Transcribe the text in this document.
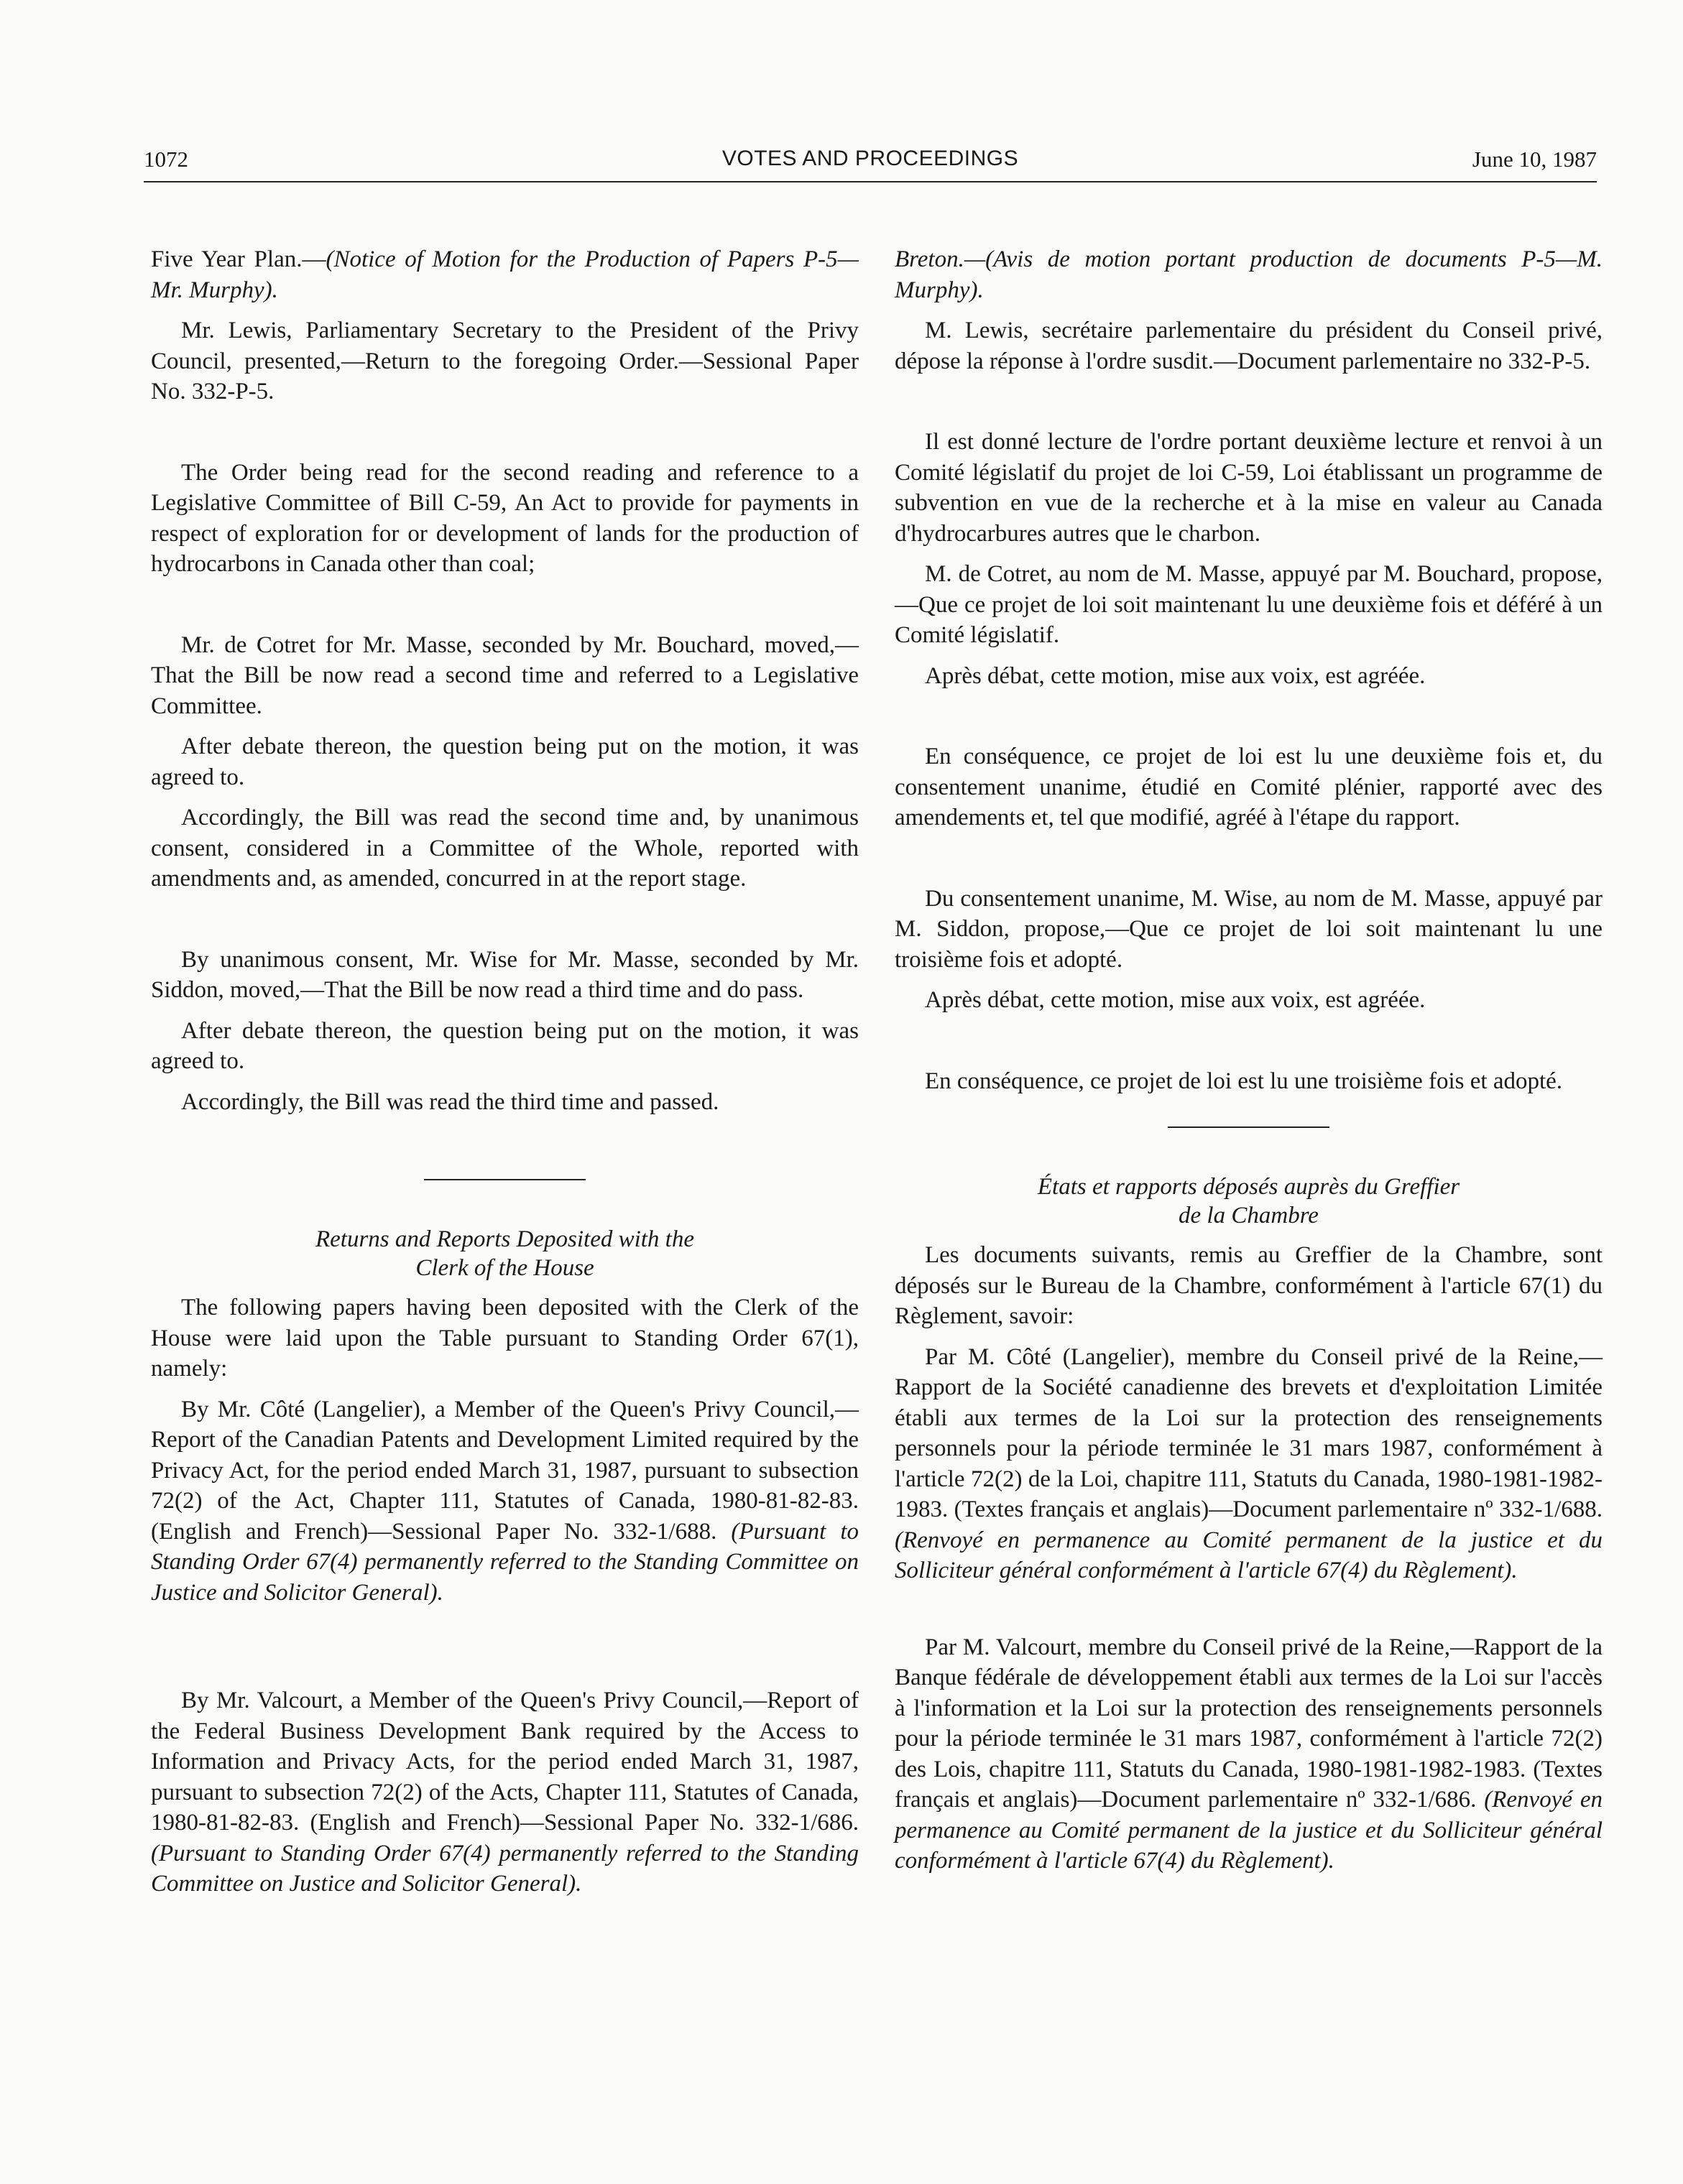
1072	VOTES AND PROCEEDINGS	June 10, 1987

Five Year Plan.—(Notice of Motion for the Production of Papers P-5—Mr. Murphy).

Mr. Lewis, Parliamentary Secretary to the President of the Privy Council, presented,—Return to the foregoing Order.—Sessional Paper No. 332-P-5.

The Order being read for the second reading and reference to a Legislative Committee of Bill C-59, An Act to provide for payments in respect of exploration for or development of lands for the production of hydrocarbons in Canada other than coal;

Mr. de Cotret for Mr. Masse, seconded by Mr. Bouchard, moved,—That the Bill be now read a second time and referred to a Legislative Committee.

After debate thereon, the question being put on the motion, it was agreed to.

Accordingly, the Bill was read the second time and, by unanimous consent, considered in a Committee of the Whole, reported with amendments and, as amended, concurred in at the report stage.

By unanimous consent, Mr. Wise for Mr. Masse, seconded by Mr. Siddon, moved,—That the Bill be now read a third time and do pass.

After debate thereon, the question being put on the motion, it was agreed to.

Accordingly, the Bill was read the third time and passed.

Returns and Reports Deposited with the
Clerk of the House

The following papers having been deposited with the Clerk of the House were laid upon the Table pursuant to Standing Order 67(1), namely:

By Mr. Côté (Langelier), a Member of the Queen's Privy Council,—Report of the Canadian Patents and Development Limited required by the Privacy Act, for the period ended March 31, 1987, pursuant to subsection 72(2) of the Act, Chapter 111, Statutes of Canada, 1980-81-82-83. (English and French)—Sessional Paper No. 332-1/688. (Pursuant to Standing Order 67(4) permanently referred to the Standing Committee on Justice and Solicitor General).

By Mr. Valcourt, a Member of the Queen's Privy Council,—Report of the Federal Business Development Bank required by the Access to Information and Privacy Acts, for the period ended March 31, 1987, pursuant to subsection 72(2) of the Acts, Chapter 111, Statutes of Canada, 1980-81-82-83. (English and French)—Sessional Paper No. 332-1/686. (Pursuant to Standing Order 67(4) permanently referred to the Standing Committee on Justice and Solicitor General).

Breton.—(Avis de motion portant production de documents P-5—M. Murphy).

M. Lewis, secrétaire parlementaire du président du Conseil privé, dépose la réponse à l'ordre susdit.—Document parlementaire no 332-P-5.

Il est donné lecture de l'ordre portant deuxième lecture et renvoi à un Comité législatif du projet de loi C-59, Loi établissant un programme de subvention en vue de la recherche et à la mise en valeur au Canada d'hydrocarbures autres que le charbon.

M. de Cotret, au nom de M. Masse, appuyé par M. Bouchard, propose,—Que ce projet de loi soit maintenant lu une deuxième fois et déféré à un Comité législatif.

Après débat, cette motion, mise aux voix, est agréée.

En conséquence, ce projet de loi est lu une deuxième fois et, du consentement unanime, étudié en Comité plénier, rapporté avec des amendements et, tel que modifié, agréé à l'étape du rapport.

Du consentement unanime, M. Wise, au nom de M. Masse, appuyé par M. Siddon, propose,—Que ce projet de loi soit maintenant lu une troisième fois et adopté.

Après débat, cette motion, mise aux voix, est agréée.

En conséquence, ce projet de loi est lu une troisième fois et adopté.

États et rapports déposés auprès du Greffier
de la Chambre

Les documents suivants, remis au Greffier de la Chambre, sont déposés sur le Bureau de la Chambre, conformément à l'article 67(1) du Règlement, savoir:

Par M. Côté (Langelier), membre du Conseil privé de la Reine,—Rapport de la Société canadienne des brevets et d'exploitation Limitée établi aux termes de la Loi sur la protection des renseignements personnels pour la période terminée le 31 mars 1987, conformément à l'article 72(2) de la Loi, chapitre 111, Statuts du Canada, 1980-1981-1982-1983. (Textes français et anglais)—Document parlementaire nº 332-1/688. (Renvoyé en permanence au Comité permanent de la justice et du Solliciteur général conformément à l'article 67(4) du Règlement).

Par M. Valcourt, membre du Conseil privé de la Reine,—Rapport de la Banque fédérale de développement établi aux termes de la Loi sur l'accès à l'information et la Loi sur la protection des renseignements personnels pour la période terminée le 31 mars 1987, conformément à l'article 72(2) des Lois, chapitre 111, Statuts du Canada, 1980-1981-1982-1983. (Textes français et anglais)—Document parlementaire nº 332-1/686. (Renvoyé en permanence au Comité permanent de la justice et du Solliciteur général conformément à l'article 67(4) du Règlement).
